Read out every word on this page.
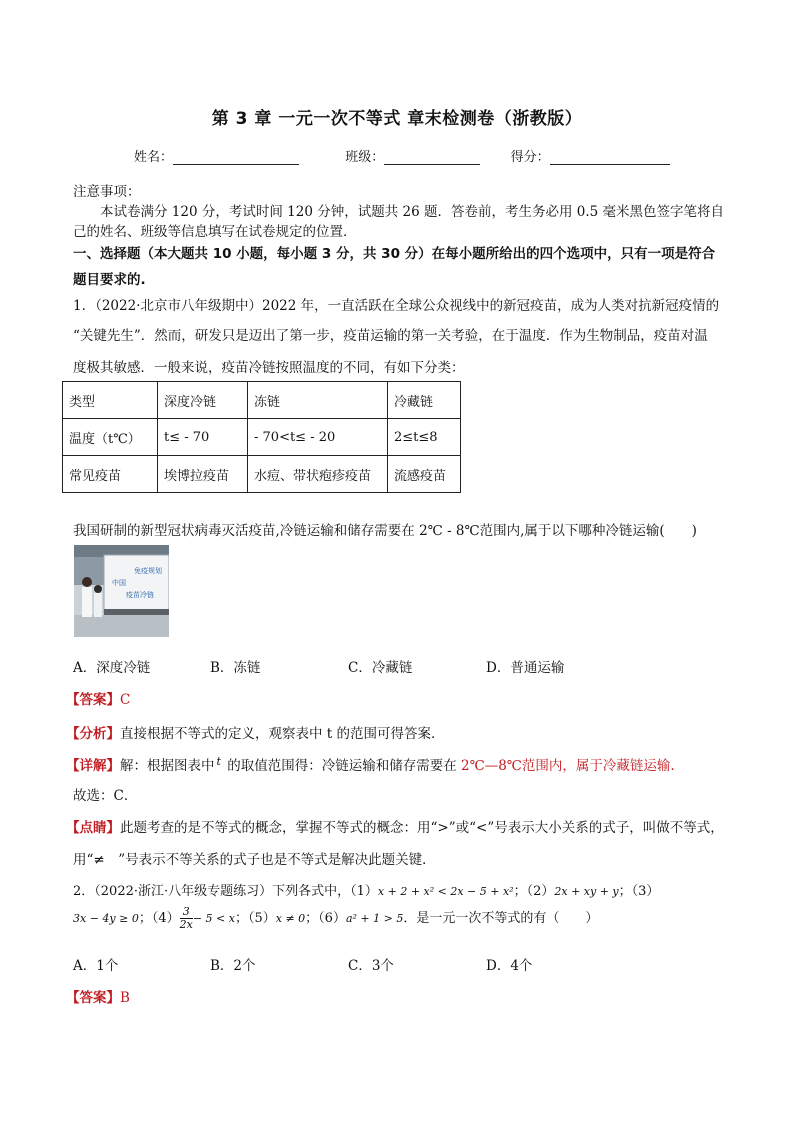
第 3 章 一元一次不等式 章末检测卷（浙教版）
姓名：	班级：	得分：
注意事项：
本试卷满分 120 分，考试时间 120 分钟，试题共 26 题．答卷前，考生务必用 0.5 毫米黑色签字笔将自
己的姓名、班级等信息填写在试卷规定的位置．
一、选择题（本大题共 10 小题，每小题 3 分，共 30 分）在每小题所给出的四个选项中，只有一项是符合
题目要求的.
1．（2022·北京市八年级期中）2022 年，一直活跃在全球公众视线中的新冠疫苗，成为人类对抗新冠疫情的
“关键先生”．然而，研发只是迈出了第一步，疫苗运输的第一关考验，在于温度．作为生物制品，疫苗对温
度极其敏感．一般来说，疫苗冷链按照温度的不同，有如下分类：
类型	深度冷链	冻链	冷藏链
温度（t℃）	t≤ - 70	- 70<t≤ - 20	2≤t≤8
常见疫苗	埃博拉疫苗	水痘、带状疱疹疫苗	流感疫苗
我国研制的新型冠状病毒灭活疫苗,冷链运输和储存需要在 2℃ - 8℃范围内,属于以下哪种冷链运输(　　)
免疫规划
中国
疫苗冷链
A．深度冷链	B．冻链	C．冷藏链	D．普通运输
【答案】C
【分析】直接根据不等式的定义，观察表中 t 的范围可得答案．
【详解】解：根据图表中 $^t$ 的取值范围得：冷链运输和储存需要在 2℃—8℃范围内，属于冷藏链运输.
故选：C．
【点睛】此题考查的是不等式的概念，掌握不等式的概念：用“>”或“<”号表示大小关系的式子，叫做不等式，
用“≠　”号表示不等关系的式子也是不等式是解决此题关键．
2．（2022·浙江·八年级专题练习）下列各式中，（1）x + 2 + x² < 2x − 5 + x²；（2）2x + xy + y；（3）
3x − 4y ≥ 0；$(4) \frac{3}{2x} - 5 < x$；（5）x ≠ 0；（6）a² + 1 > 5．是一元一次不等式的有（　　）
A．1个	B．2个	C．3个	D．4个
【答案】B
